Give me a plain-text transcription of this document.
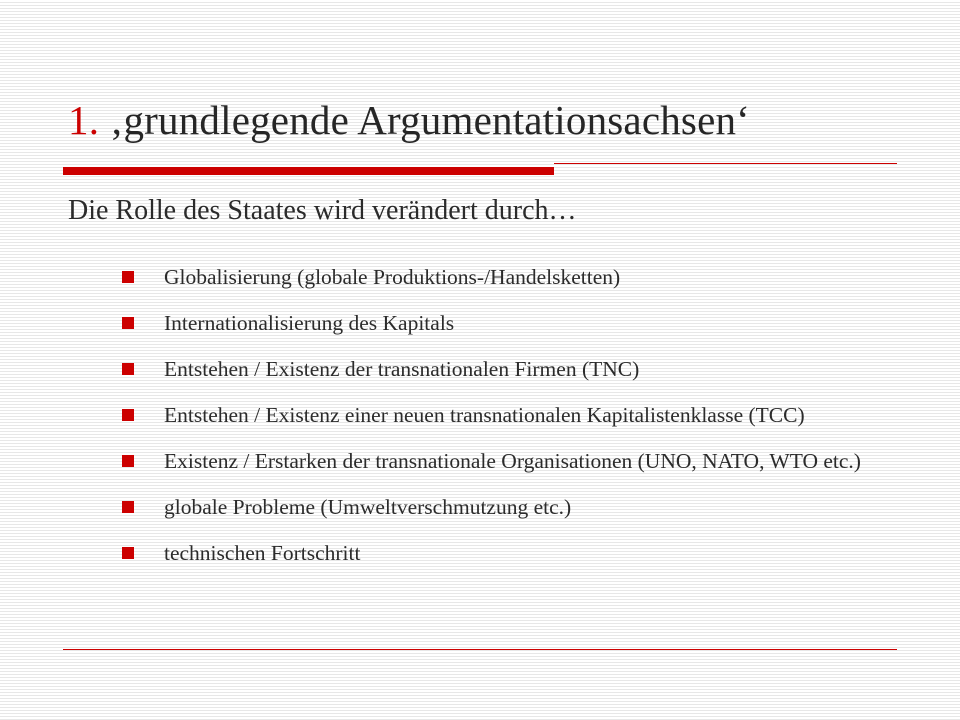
1. ‚grundlegende Argumentationsachsen‘
Die Rolle des Staates wird verändert durch…
Globalisierung (globale Produktions-/Handelsketten)
Internationalisierung des Kapitals
Entstehen / Existenz der transnationalen Firmen (TNC)
Entstehen / Existenz einer neuen transnationalen Kapitalistenklasse (TCC)
Existenz / Erstarken der transnationale Organisationen (UNO, NATO, WTO etc.)
globale Probleme (Umweltverschmutzung etc.)
technischen Fortschritt
